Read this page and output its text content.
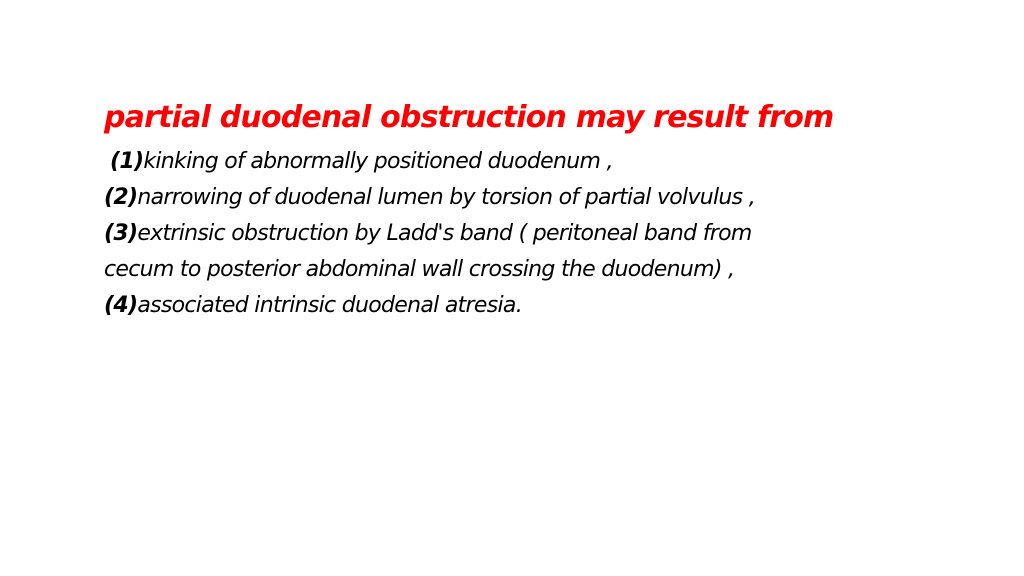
partial duodenal obstruction may result from
(1)kinking of abnormally positioned duodenum ,
(2)narrowing of duodenal lumen by torsion of partial volvulus ,
(3)extrinsic obstruction by Ladd's band ( peritoneal band from
cecum to posterior abdominal wall crossing the duodenum) ,
(4)associated intrinsic duodenal atresia.
